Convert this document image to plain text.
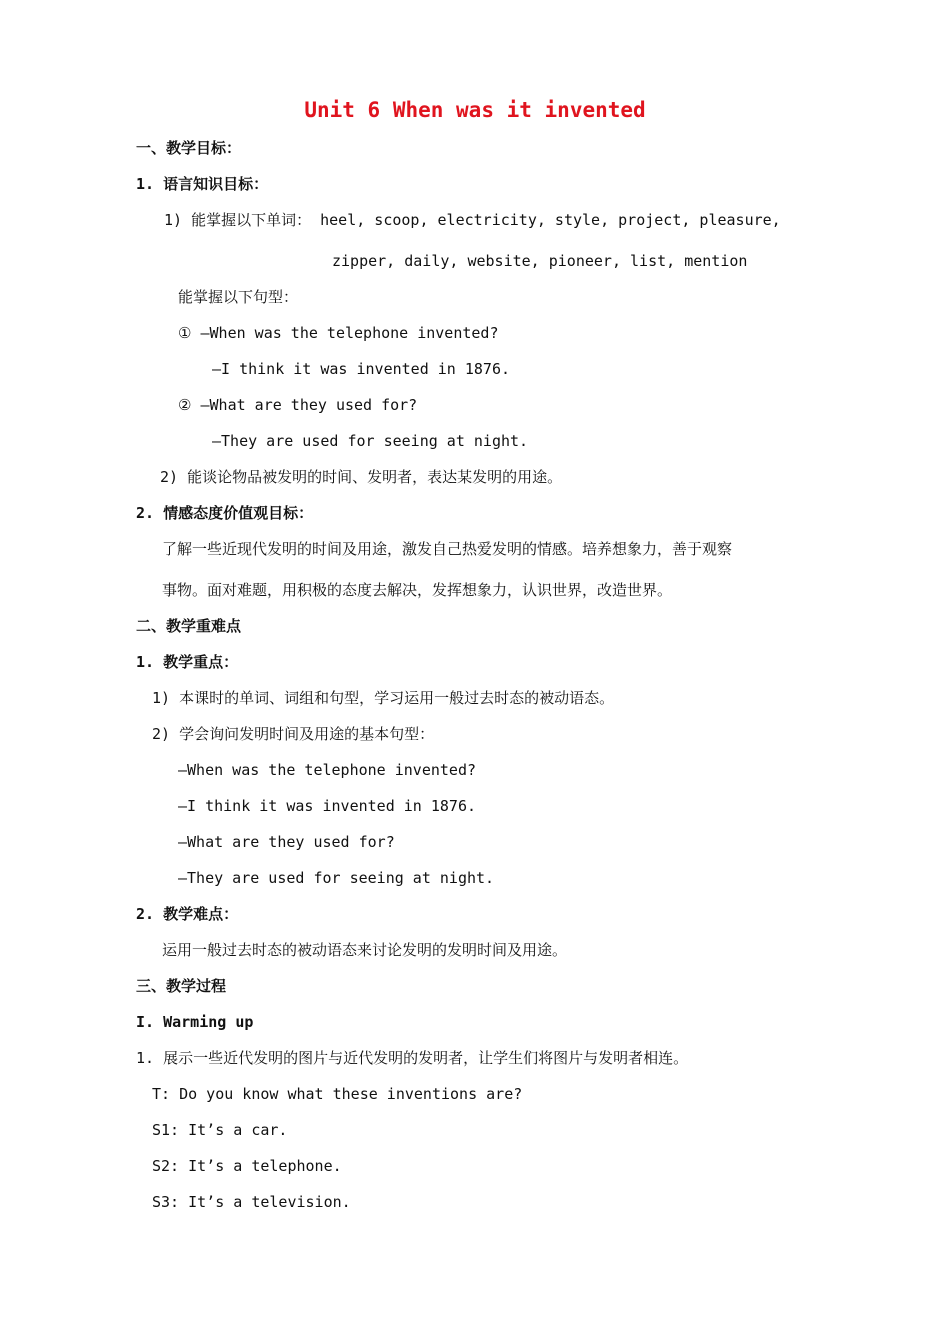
Unit 6 When was it invented
一、教学目标：
1. 语言知识目标：
1) 能掌握以下单词： heel, scoop, electricity, style, project, pleasure,
zipper, daily, website, pioneer, list, mention
能掌握以下句型：
① —When was the telephone invented?
—I think it was invented in 1876.
② —What are they used for?
—They are used for seeing at night.
2) 能谈论物品被发明的时间、发明者，表达某发明的用途。
2. 情感态度价值观目标：
了解一些近现代发明的时间及用途，激发自己热爱发明的情感。培养想象力，善于观察
事物。面对难题，用积极的态度去解决，发挥想象力，认识世界，改造世界。
二、教学重难点
1. 教学重点：
1) 本课时的单词、词组和句型，学习运用一般过去时态的被动语态。
2) 学会询问发明时间及用途的基本句型：
—When was the telephone invented?
—I think it was invented in 1876.
—What are they used for?
—They are used for seeing at night.
2. 教学难点：
运用一般过去时态的被动语态来讨论发明的发明时间及用途。
三、教学过程
I. Warming up
1. 展示一些近代发明的图片与近代发明的发明者，让学生们将图片与发明者相连。
T: Do you know what these inventions are?
S1: It’s a car.
S2: It’s a telephone.
S3: It’s a television.
